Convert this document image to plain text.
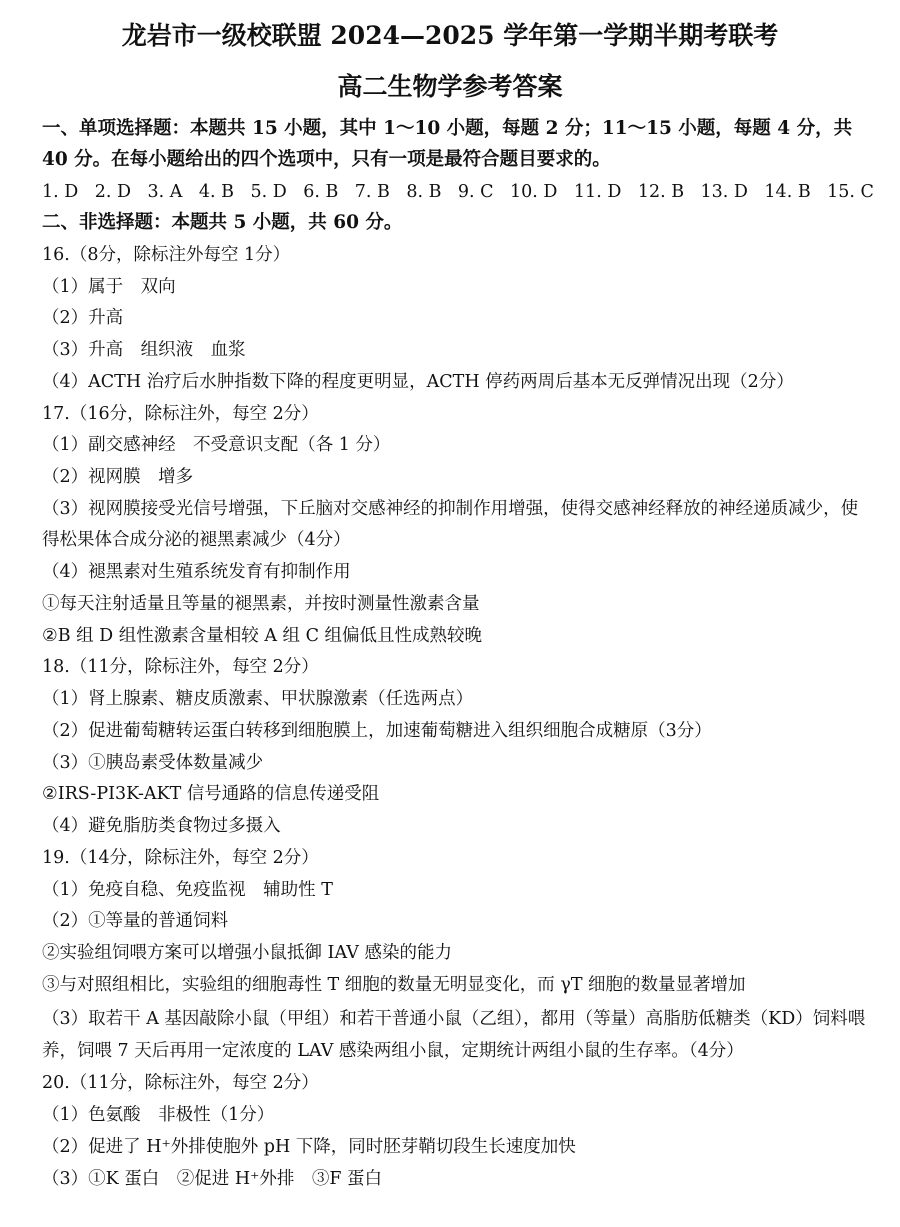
龙岩市一级校联盟 2024—2025 学年第一学期半期考联考
高二生物学参考答案
一、单项选择题：本题共 15 小题，其中 1～10 小题，每题 2 分；11～15 小题，每题 4 分，共
40 分。在每小题给出的四个选项中，只有一项是最符合题目要求的。
1. D 2. D 3. A 4. B 5. D 6. B 7. B 8. B 9. C 10. D 11. D 12. B 13. D 14. B 15. C
二、非选择题：本题共 5 小题，共 60 分。
16.（8分，除标注外每空 1分）
（1）属于　双向
（2）升高
（3）升高　组织液　血浆
（4）ACTH 治疗后水肿指数下降的程度更明显，ACTH 停药两周后基本无反弹情况出现（2分）
17.（16分，除标注外，每空 2分）
（1）副交感神经　不受意识支配（各 1 分）
（2）视网膜　增多
（3）视网膜接受光信号增强，下丘脑对交感神经的抑制作用增强，使得交感神经释放的神经递质减少，使
得松果体合成分泌的褪黑素减少（4分）
（4）褪黑素对生殖系统发育有抑制作用
①每天注射适量且等量的褪黑素，并按时测量性激素含量
②B 组 D 组性激素含量相较 A 组 C 组偏低且性成熟较晚
18.（11分，除标注外，每空 2分）
（1）肾上腺素、糖皮质激素、甲状腺激素（任选两点）
（2）促进葡萄糖转运蛋白转移到细胞膜上，加速葡萄糖进入组织细胞合成糖原（3分）
（3）①胰岛素受体数量减少
②IRS-PI3K-AKT 信号通路的信息传递受阻
（4）避免脂肪类食物过多摄入
19.（14分，除标注外，每空 2分）
（1）免疫自稳、免疫监视　辅助性 T
（2）①等量的普通饲料
②实验组饲喂方案可以增强小鼠抵御 IAV 感染的能力
③与对照组相比，实验组的细胞毒性 T 细胞的数量无明显变化，而 γT 细胞的数量显著增加
（3）取若干 A 基因敲除小鼠（甲组）和若干普通小鼠（乙组），都用（等量）高脂肪低糖类（KD）饲料喂
养，饲喂 7 天后再用一定浓度的 LAV 感染两组小鼠，定期统计两组小鼠的生存率。（4分）
20.（11分，除标注外，每空 2分）
（1）色氨酸　非极性（1分）
（2）促进了 H⁺外排使胞外 pH 下降，同时胚芽鞘切段生长速度加快
（3）①K 蛋白　②促进 H⁺外排　③F 蛋白
